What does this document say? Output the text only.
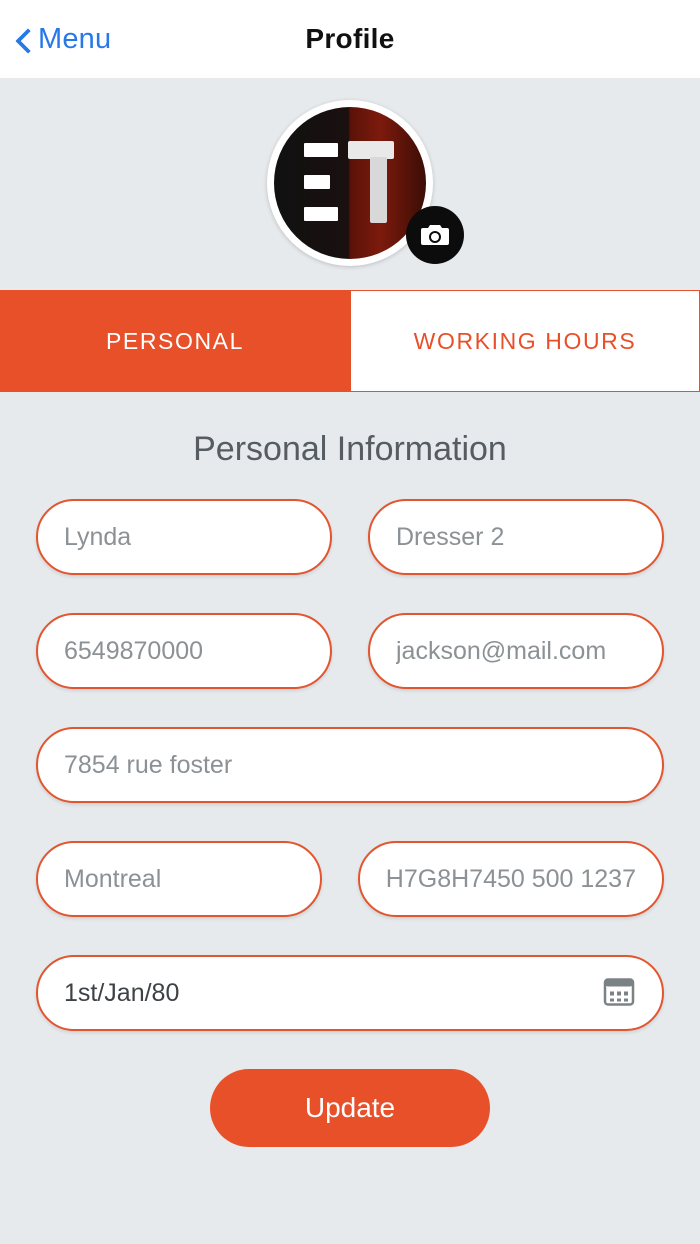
Menu	Profile
PERSONAL	WORKING HOURS
Personal Information
Lynda	Dresser 2
6549870000	jackson@mail.com
7854 rue foster
Montreal	H7G8H7450 500 1237
1st/Jan/80
Update
